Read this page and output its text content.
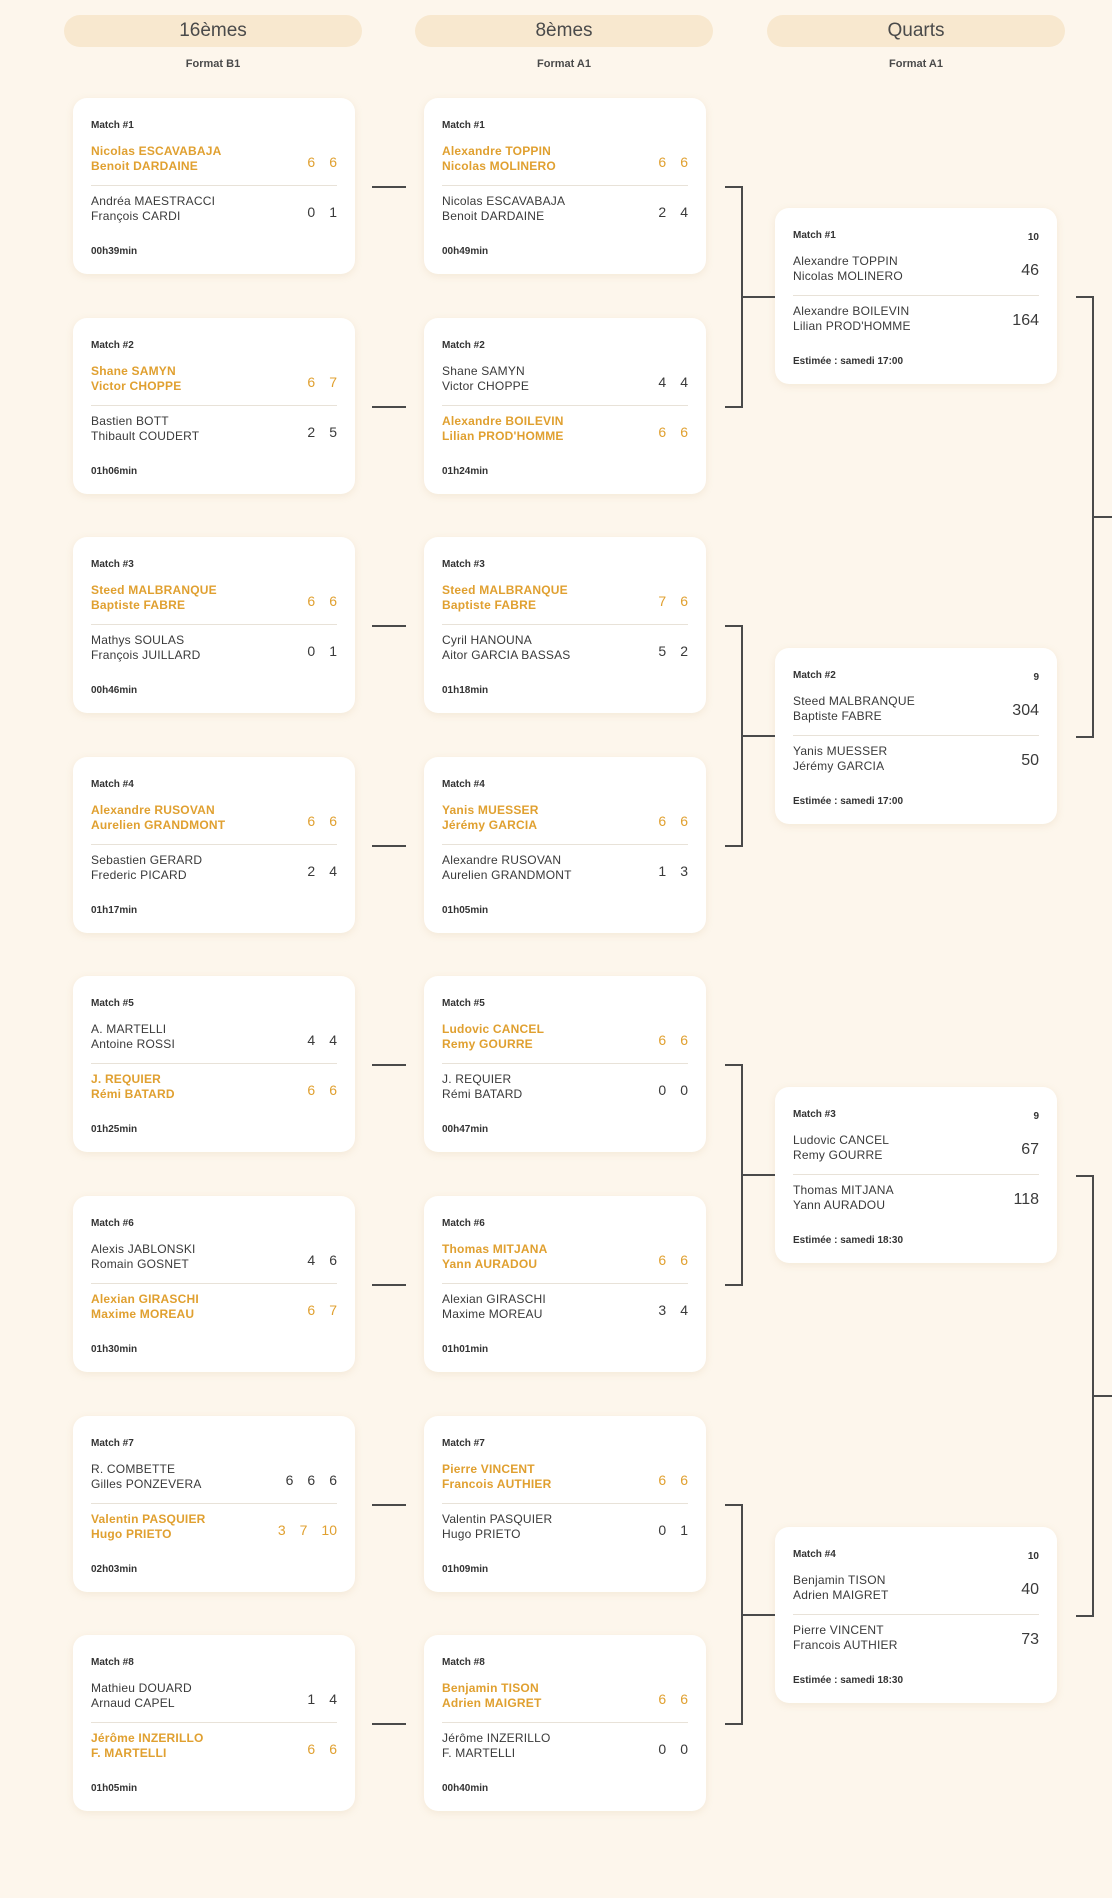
16èmes
Format B1
8èmes
Format A1
Quarts
Format A1
Match #1
Nicolas ESCAVABAJA
Benoit DARDAINE	6 6
Andréa MAESTRACCI
François CARDI	0 1
00h39min
Match #2
Shane SAMYN
Victor CHOPPE	6 7
Bastien BOTT
Thibault COUDERT	2 5
01h06min
Match #3
Steed MALBRANQUE
Baptiste FABRE	6 6
Mathys SOULAS
François JUILLARD	0 1
00h46min
Match #4
Alexandre RUSOVAN
Aurelien GRANDMONT	6 6
Sebastien GERARD
Frederic PICARD	2 4
01h17min
Match #5
A. MARTELLI
Antoine ROSSI	4 4
J. REQUIER
Rémi BATARD	6 6
01h25min
Match #6
Alexis JABLONSKI
Romain GOSNET	4 6
Alexian GIRASCHI
Maxime MOREAU	6 7
01h30min
Match #7
R. COMBETTE
Gilles PONZEVERA	6 6 6
Valentin PASQUIER
Hugo PRIETO	3 7 10
02h03min
Match #8
Mathieu DOUARD
Arnaud CAPEL	1 4
Jérôme INZERILLO
F. MARTELLI	6 6
01h05min
Match #1
Alexandre TOPPIN
Nicolas MOLINERO	6 6
Nicolas ESCAVABAJA
Benoit DARDAINE	2 4
00h49min
Match #2
Shane SAMYN
Victor CHOPPE	4 4
Alexandre BOILEVIN
Lilian PROD'HOMME	6 6
01h24min
Match #3
Steed MALBRANQUE
Baptiste FABRE	7 6
Cyril HANOUNA
Aitor GARCIA BASSAS	5 2
01h18min
Match #4
Yanis MUESSER
Jérémy GARCIA	6 6
Alexandre RUSOVAN
Aurelien GRANDMONT	1 3
01h05min
Match #5
Ludovic CANCEL
Remy GOURRE	6 6
J. REQUIER
Rémi BATARD	0 0
00h47min
Match #6
Thomas MITJANA
Yann AURADOU	6 6
Alexian GIRASCHI
Maxime MOREAU	3 4
01h01min
Match #7
Pierre VINCENT
Francois AUTHIER	6 6
Valentin PASQUIER
Hugo PRIETO	0 1
01h09min
Match #8
Benjamin TISON
Adrien MAIGRET	6 6
Jérôme INZERILLO
F. MARTELLI	0 0
00h40min
Match #1	10
Alexandre TOPPIN
Nicolas MOLINERO	46
Alexandre BOILEVIN
Lilian PROD'HOMME	164
Estimée : samedi 17:00
Match #2	9
Steed MALBRANQUE
Baptiste FABRE	304
Yanis MUESSER
Jérémy GARCIA	50
Estimée : samedi 17:00
Match #3	9
Ludovic CANCEL
Remy GOURRE	67
Thomas MITJANA
Yann AURADOU	118
Estimée : samedi 18:30
Match #4	10
Benjamin TISON
Adrien MAIGRET	40
Pierre VINCENT
Francois AUTHIER	73
Estimée : samedi 18:30
